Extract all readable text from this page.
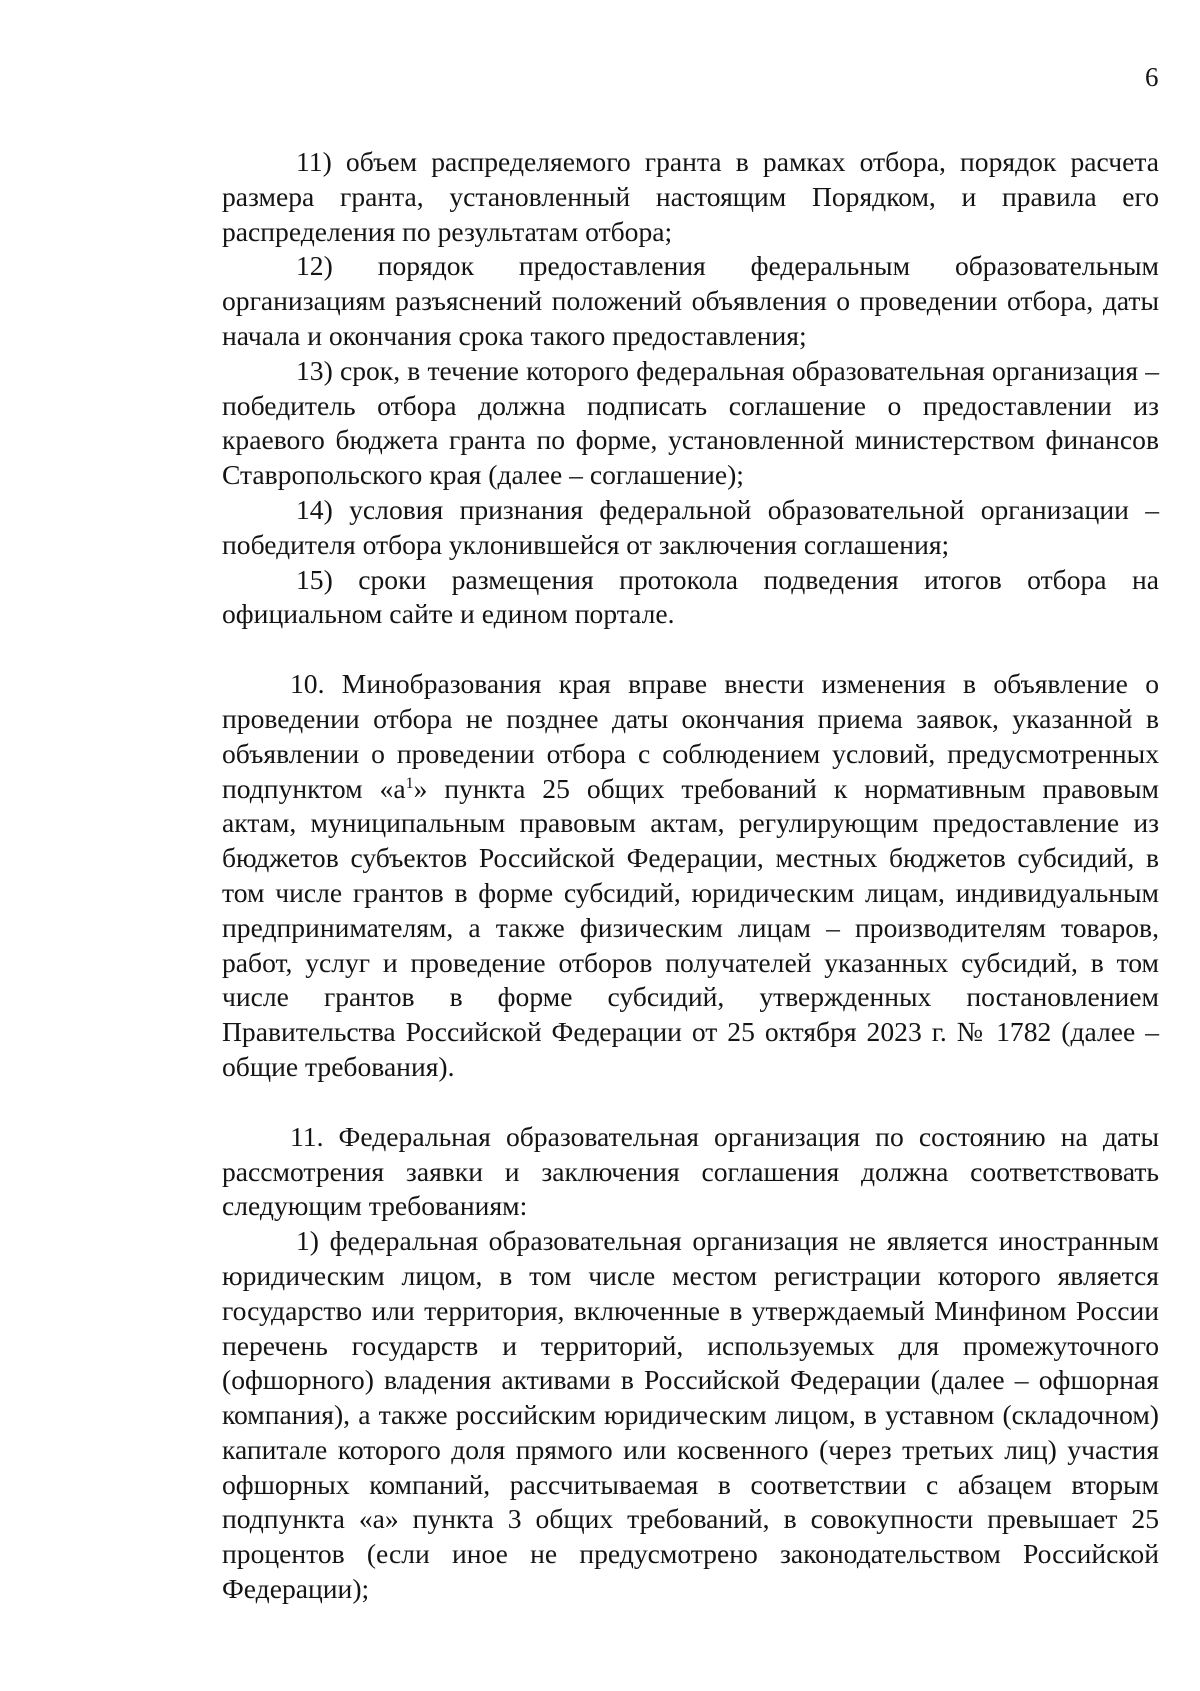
6

11) объем распределяемого гранта в рамках отбора, порядок расчета размера гранта, установленный настоящим Порядком, и правила его распределения по результатам отбора;

12) порядок предоставления федеральным образовательным организациям разъяснений положений объявления о проведении отбора, даты начала и окончания срока такого предоставления;

13) срок, в течение которого федеральная образовательная организация – победитель отбора должна подписать соглашение о предоставлении из краевого бюджета гранта по форме, установленной министерством финансов Ставропольского края (далее – соглашение);

14) условия признания федеральной образовательной организации – победителя отбора уклонившейся от заключения соглашения;

15) сроки размещения протокола подведения итогов отбора на официальном сайте и едином портале.

10. Минобразования края вправе внести изменения в объявление о проведении отбора не позднее даты окончания приема заявок, указанной в объявлении о проведении отбора с соблюдением условий, предусмотренных подпунктом «$а^1$» пункта 25 общих требований к нормативным правовым актам, муниципальным правовым актам, регулирующим предоставление из бюджетов субъектов Российской Федерации, местных бюджетов субсидий, в том числе грантов в форме субсидий, юридическим лицам, индивидуальным предпринимателям, а также физическим лицам – производителям товаров, работ, услуг и проведение отборов получателей указанных субсидий, в том числе грантов в форме субсидий, утвержденных постановлением Правительства Российской Федерации от 25 октября 2023 г. № 1782 (далее – общие требования).

11. Федеральная образовательная организация по состоянию на даты рассмотрения заявки и заключения соглашения должна соответствовать следующим требованиям:

1) федеральная образовательная организация не является иностранным юридическим лицом, в том числе местом регистрации которого является государство или территория, включенные в утверждаемый Минфином России перечень государств и территорий, используемых для промежуточного (офшорного) владения активами в Российской Федерации (далее – офшорная компания), а также российским юридическим лицом, в уставном (складочном) капитале которого доля прямого или косвенного (через третьих лиц) участия офшорных компаний, рассчитываемая в соответствии с абзацем вторым подпункта «а» пункта 3 общих требований, в совокупности превышает 25 процентов (если иное не предусмотрено законодательством Российской Федерации);
